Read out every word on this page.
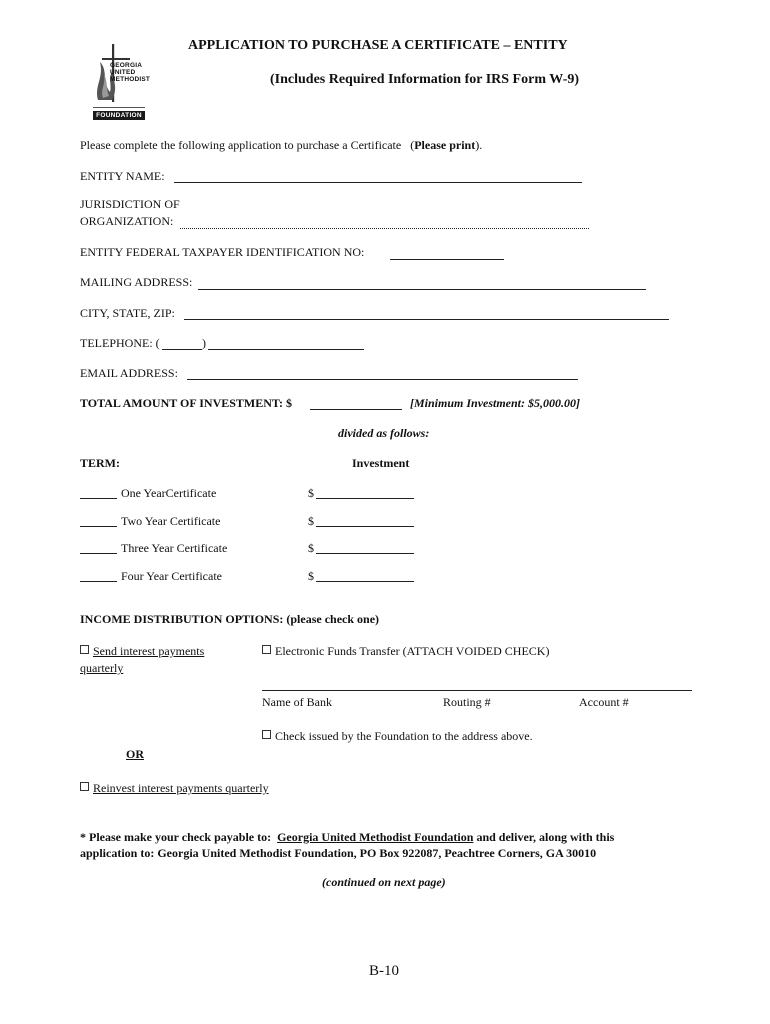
GEORGIA
UNITED
METHODIST
FOUNDATION
APPLICATION TO PURCHASE A CERTIFICATE – ENTITY
(Includes Required Information for IRS Form W-9)
Please complete the following application to purchase a Certificate (Please print).
ENTITY NAME:
JURISDICTION OF
ORGANIZATION:
ENTITY FEDERAL TAXPAYER IDENTIFICATION NO:
MAILING ADDRESS:
CITY, STATE, ZIP:
TELEPHONE: (	)
EMAIL ADDRESS:
TOTAL AMOUNT OF INVESTMENT: $	[Minimum Investment: $5,000.00]
divided as follows:
TERM:	Investment
One YearCertificate	$
Two Year Certificate	$
Three Year Certificate	$
Four Year Certificate	$
INCOME DISTRIBUTION OPTIONS: (please check one)
Send interest payments
quarterly
Electronic Funds Transfer (ATTACH VOIDED CHECK)
Name of Bank	Routing #	Account #
Check issued by the Foundation to the address above.
OR
Reinvest interest payments quarterly
* Please make your check payable to: Georgia United Methodist Foundation and deliver, along with this
application to: Georgia United Methodist Foundation, PO Box 922087, Peachtree Corners, GA 30010
(continued on next page)
B-10
